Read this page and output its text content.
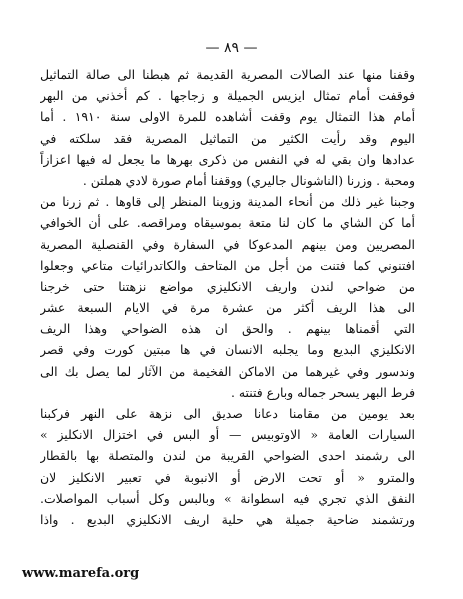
— ٨٩ —
وقفنا منها عند الصالات المصرية القديمة ثم هبطنا الى صالة التماثيل
فوقفت أمام تمثال ايزيس الجميلة و زجاجها . كم أخذني من البهر
أمام هذا التمثال يوم وقفت أشاهده للمرة الاولى سنة ١٩١٠ . أما
اليوم وقد رأيت الكثير من التماثيل المصرية فقد سلكته في
عدادها وان بقي له في النفس من ذكرى بهرها ما يجعل له فيها اعزازاً
ومحبة . وزرنا (الناشونال جاليري) ووقفنا أمام صورة لادي هملتن .
وجبنا غير ذلك من أنحاء المدينة وزوينا المنظر إلى قاوها . ثم زرنا من
أما كن الشاي ما كان لنا متعة بموسيقاه ومراقصه. على أن الخوافي
المصريين ومن بينهم المدعوكا في السفارة وفي القنصلية المصرية
افتنوني كما فتنت من أجل من المتاحف والكاتدرائيات متاعي وجعلوا
من ضواحي لندن واريف الانكليزي مواضع نزهتنا حتى خرجنا
الى هذا الريف أكثر من عشرة مرة في الايام السبعة عشر
التي أقمناها بينهم . والحق ان هذه الضواحي وهذا الريف
الانكليزي البديع وما يجلبه الانسان في ها مبتين كورت وفي قصر
وندسور وفي غيرهما من الاماكن الفخيمة من الآثار لما يصل بك الى
فرط البهر يسحر جماله وبارع فتنته .
بعد يومين من مقامنا دعانا صديق الى نزهة على النهر فركبنا
السيارات العامة « الاوتوبيس — أو البس في اختزال الانكليز »
الى رشمند احدى الضواحي القريبة من لندن والمتصلة بها بالقطار
والمترو « أو تحت الارض أو الانبوبة في تعبير الانكليز لان
النفق الذي تجري فيه اسطوانة » وبالبس وكل أسباب المواصلات.
ورتشمند ضاحية جميلة هي حلية اريف الانكليزي البديع . واذا
www.marefa.org
